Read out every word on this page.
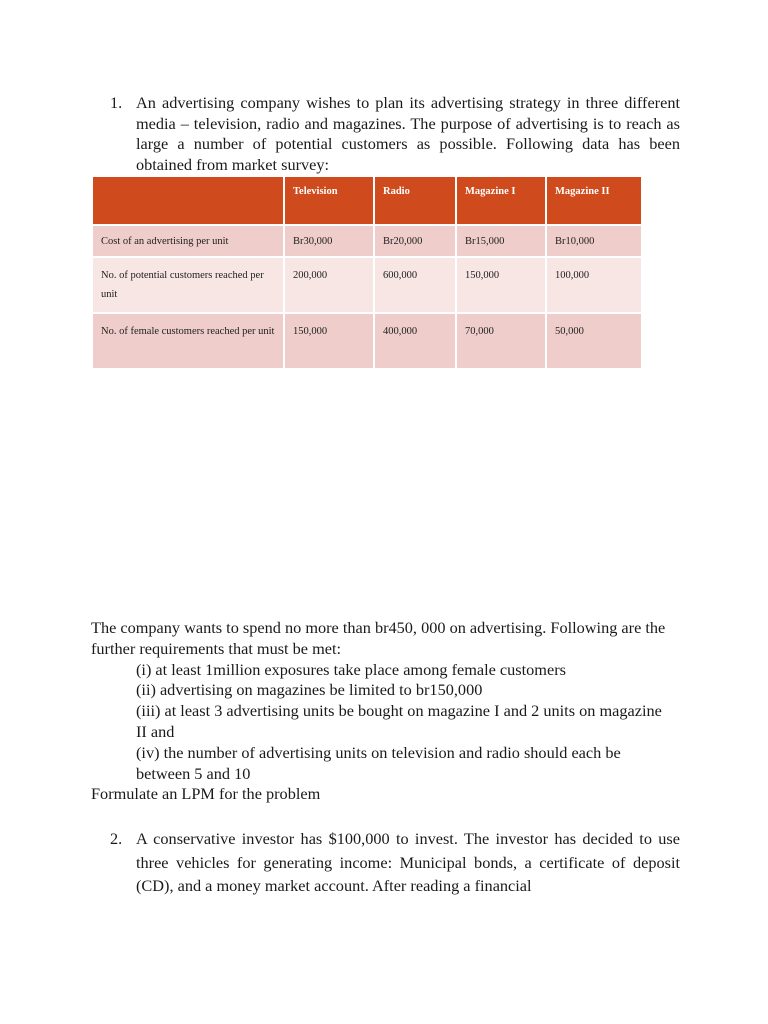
1. An advertising company wishes to plan its advertising strategy in three different media – television, radio and magazines. The purpose of advertising is to reach as large a number of potential customers as possible. Following data has been obtained from market survey:
	Television	Radio	Magazine I	Magazine II
Cost of an advertising per unit	Br30,000	Br20,000	Br15,000	Br10,000
No. of potential customers reached per unit	200,000	600,000	150,000	100,000
No. of female customers reached per unit	150,000	400,000	70,000	50,000
The company wants to spend no more than br450, 000 on advertising. Following are the further requirements that must be met:
(i) at least 1million exposures take place among female customers
(ii) advertising on magazines be limited to br150,000
(iii) at least 3 advertising units be bought on magazine I and 2 units on magazine II and
(iv) the number of advertising units on television and radio should each be between 5 and 10
Formulate an LPM for the problem
2. A conservative investor has $100,000 to invest. The investor has decided to use three vehicles for generating income: Municipal bonds, a certificate of deposit (CD), and a money market account. After reading a financial
